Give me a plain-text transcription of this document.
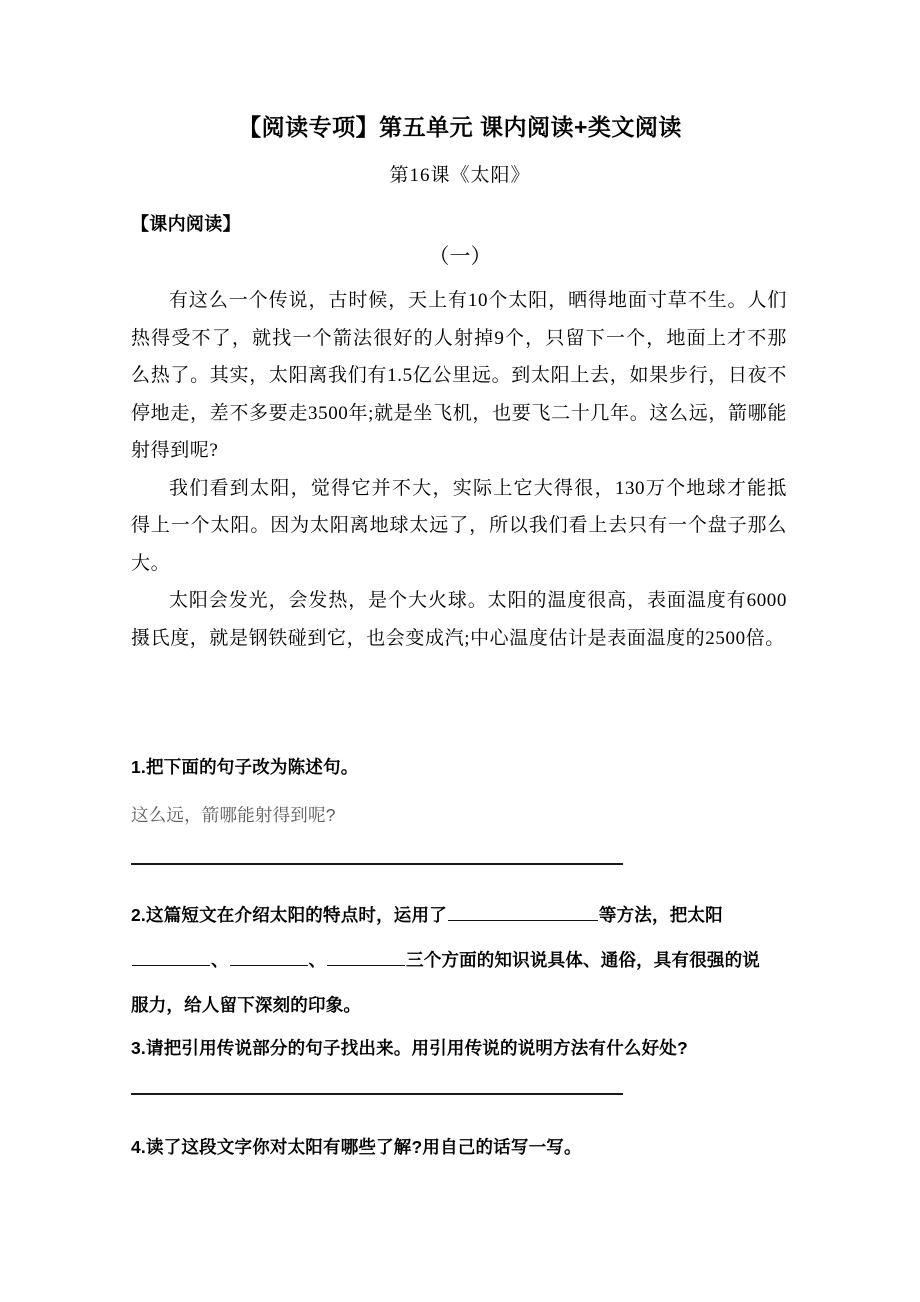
【阅读专项】第五单元 课内阅读+类文阅读
第16课《太阳》
【课内阅读】
（一）

有这么一个传说，古时候，天上有10个太阳，晒得地面寸草不生。人们热得受不了，就找一个箭法很好的人射掉9个，只留下一个，地面上才不那么热了。其实，太阳离我们有1.5亿公里远。到太阳上去，如果步行，日夜不停地走，差不多要走3500年;就是坐飞机，也要飞二十几年。这么远，箭哪能射得到呢?

我们看到太阳，觉得它并不大，实际上它大得很，130万个地球才能抵得上一个太阳。因为太阳离地球太远了，所以我们看上去只有一个盘子那么大。

太阳会发光，会发热，是个大火球。太阳的温度很高，表面温度有6000摄氏度，就是钢铁碰到它，也会变成汽;中心温度估计是表面温度的2500倍。

1.把下面的句子改为陈述句。
这么远，箭哪能射得到呢?
2.这篇短文在介绍太阳的特点时，运用了	等方法，把太阳
、	、	三个方面的知识说具体、通俗，具有很强的说
服力，给人留下深刻的印象。
3.请把引用传说部分的句子找出来。用引用传说的说明方法有什么好处?
4.读了这段文字你对太阳有哪些了解?用自己的话写一写。
